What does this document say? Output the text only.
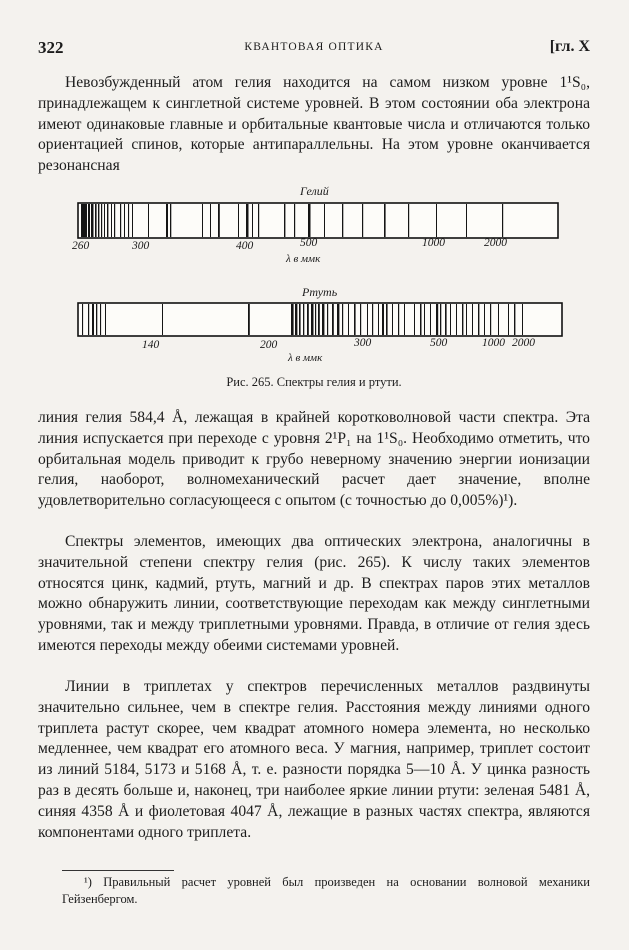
322	КВАНТОВАЯ ОПТИКА	[гл. X

Невозбужденный атом гелия находится на самом низком уровне 1¹S₀, принадлежащем к синглетной системе уровней. В этом состоянии оба электрона имеют одинаковые главные и орбитальные квантовые числа и отличаются только ориентацией спинов, которые антипараллельны. На этом уровне оканчивается резонансная

Гелий
260	300	400	500	1000	2000
λ в ммк
Ртуть
140	200	300	500	1000 2000
λ в ммк
Рис. 265. Спектры гелия и ртути.

линия гелия 584,4 Å, лежащая в крайней коротковолновой части спектра. Эта линия испускается при переходе с уровня 2¹P₁ на 1¹S₀. Необходимо отметить, что орбитальная модель приводит к грубо неверному значению энергии ионизации гелия, наоборот, волномеханический расчет дает значение, вполне удовлетворительно согласующееся с опытом (с точностью до 0,005%)¹).

Спектры элементов, имеющих два оптических электрона, аналогичны в значительной степени спектру гелия (рис. 265). К числу таких элементов относятся цинк, кадмий, ртуть, магний и др. В спектрах паров этих металлов можно обнаружить линии, соответствующие переходам как между синглетными уровнями, так и между триплетными уровнями. Правда, в отличие от гелия здесь имеются переходы между обеими системами уровней.

Линии в триплетах у спектров перечисленных металлов раздвинуты значительно сильнее, чем в спектре гелия. Расстояния между линиями одного триплета растут скорее, чем квадрат атомного номера элемента, но несколько медленнее, чем квадрат его атомного веса. У магния, например, триплет состоит из линий 5184, 5173 и 5168 Å, т. е. разности порядка 5—10 Å. У цинка разность раз в десять больше и, наконец, три наиболее яркие линии ртути: зеленая 5481 Å, синяя 4358 Å и фиолетовая 4047 Å, лежащие в разных частях спектра, являются компонентами одного триплета.

¹) Правильный расчет уровней был произведен на основании волновой механики Гейзенбергом.
